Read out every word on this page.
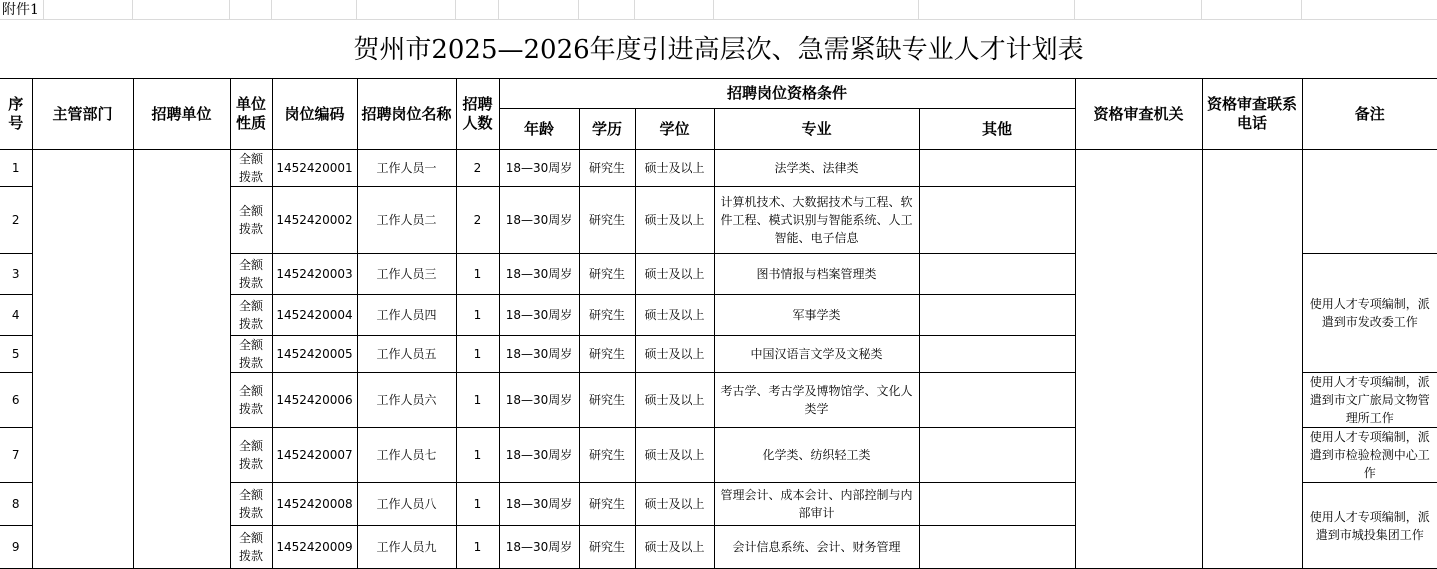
附件1
贺州市2025—2026年度引进高层次、急需紧缺专业人才计划表
序号	主管部门	招聘单位	单位性质	岗位编码	招聘岗位名称	招聘人数	招聘岗位资格条件					资格审查机关	资格审查联系电话	备注
							年龄	学历	学位	专业	其他			
1			全额拨款	1452420001	工作人员一	2	18—30周岁	研究生	硕士及以上	法学类、法律类				
2			全额拨款	1452420002	工作人员二	2	18—30周岁	研究生	硕士及以上	计算机技术、大数据技术与工程、软件工程、模式识别与智能系统、人工智能、电子信息				
3			全额拨款	1452420003	工作人员三	1	18—30周岁	研究生	硕士及以上	图书情报与档案管理类				使用人才专项编制，派遣到市发改委工作
4			全额拨款	1452420004	工作人员四	1	18—30周岁	研究生	硕士及以上	军事学类				
5			全额拨款	1452420005	工作人员五	1	18—30周岁	研究生	硕士及以上	中国汉语言文学及文秘类				
6			全额拨款	1452420006	工作人员六	1	18—30周岁	研究生	硕士及以上	考古学、考古学及博物馆学、文化人类学				使用人才专项编制，派遣到市文广旅局文物管理所工作
7			全额拨款	1452420007	工作人员七	1	18—30周岁	研究生	硕士及以上	化学类、纺织轻工类				使用人才专项编制，派遣到市检验检测中心工作
8			全额拨款	1452420008	工作人员八	1	18—30周岁	研究生	硕士及以上	管理会计、成本会计、内部控制与内部审计				使用人才专项编制，派遣到市城投集团工作
9			全额拨款	1452420009	工作人员九	1	18—30周岁	研究生	硕士及以上	会计信息系统、会计、财务管理				
